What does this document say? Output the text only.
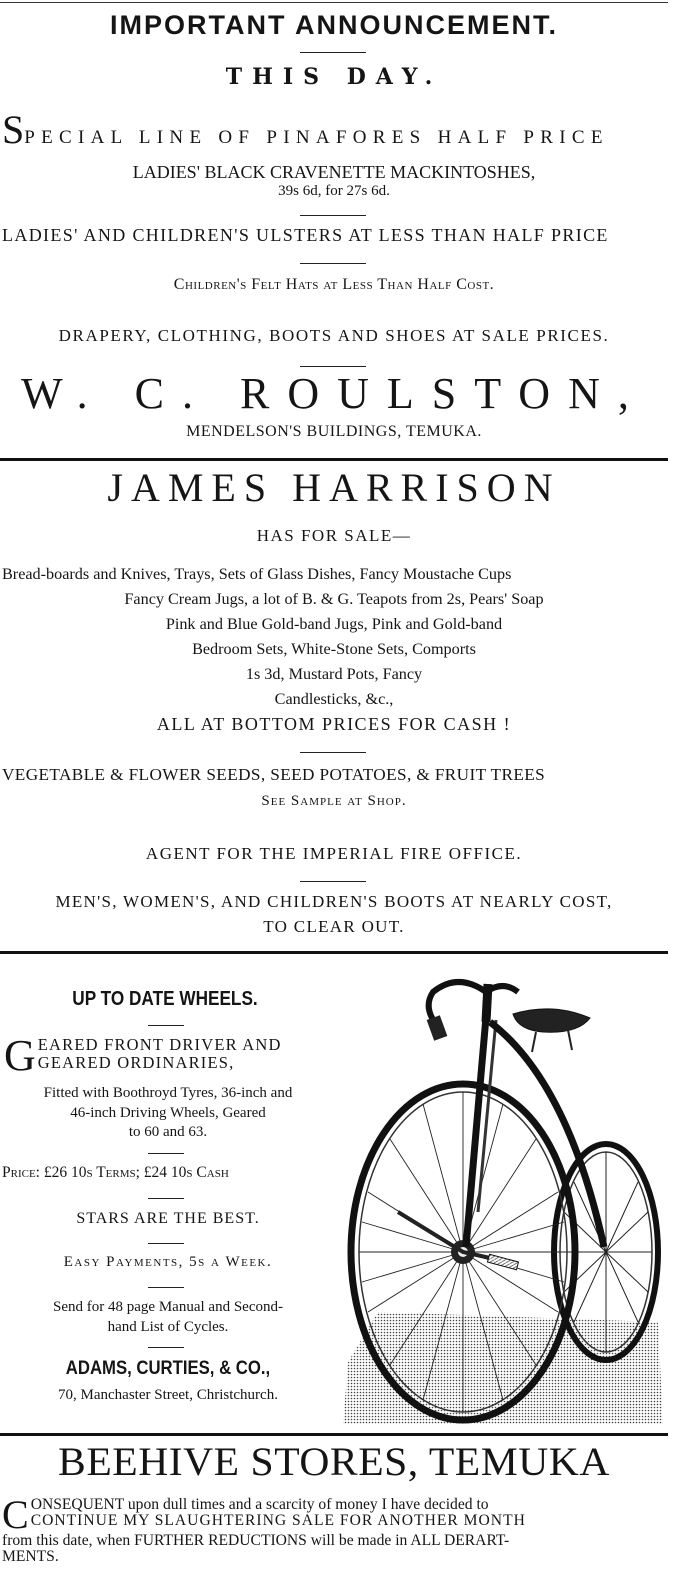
IMPORTANT ANNOUNCEMENT.
THIS DAY.
SPECIAL LINE OF PINAFORES HALF PRICE
LADIES' BLACK CRAVENETTE MACKINTOSHES,
39s 6d, for 27s 6d.
LADIES' AND CHILDREN'S ULSTERS AT LESS THAN HALF PRICE
Children's Felt Hats at Less Than Half Cost.
DRAPERY, CLOTHING, BOOTS AND SHOES AT SALE PRICES.
W. C. ROULSTON,
MENDELSON'S BUILDINGS, TEMUKA.
JAMES HARRISON
HAS FOR SALE—
Bread-boards and Knives, Trays, Sets of Glass Dishes, Fancy Moustache Cups
Fancy Cream Jugs, a lot of B. & G. Teapots from 2s, Pears' Soap
Pink and Blue Gold-band Jugs, Pink and Gold-band
Bedroom Sets, White-Stone Sets, Comports
1s 3d, Mustard Pots, Fancy
Candlesticks, &c.,
ALL AT BOTTOM PRICES FOR CASH !
VEGETABLE & FLOWER SEEDS, SEED POTATOES, & FRUIT TREES
See Sample at Shop.
AGENT FOR THE IMPERIAL FIRE OFFICE.
MEN'S, WOMEN'S, AND CHILDREN'S BOOTS AT NEARLY COST,
TO CLEAR OUT.
UP TO DATE WHEELS.
G EARED FRONT DRIVER AND
GEARED ORDINARIES,
Fitted with Boothroyd Tyres, 36-inch and
46-inch Driving Wheels, Geared
to 60 and 63.
Price: £26 10s Terms; £24 10s Cash
STARS ARE THE BEST.
Easy Payments, 5s a Week.
Send for 48 page Manual and Second-
hand List of Cycles.
ADAMS, CURTIES, & CO.,
70, Manchaster Street, Christchurch.
BEEHIVE STORES, TEMUKA
C ONSEQUENT upon dull times and a scarcity of money I have decided to
CONTINUE MY SLAUGHTERING SALE FOR ANOTHER MONTH
from this date, when FURTHER REDUCTIONS will be made in ALL DERART-
MENTS.
